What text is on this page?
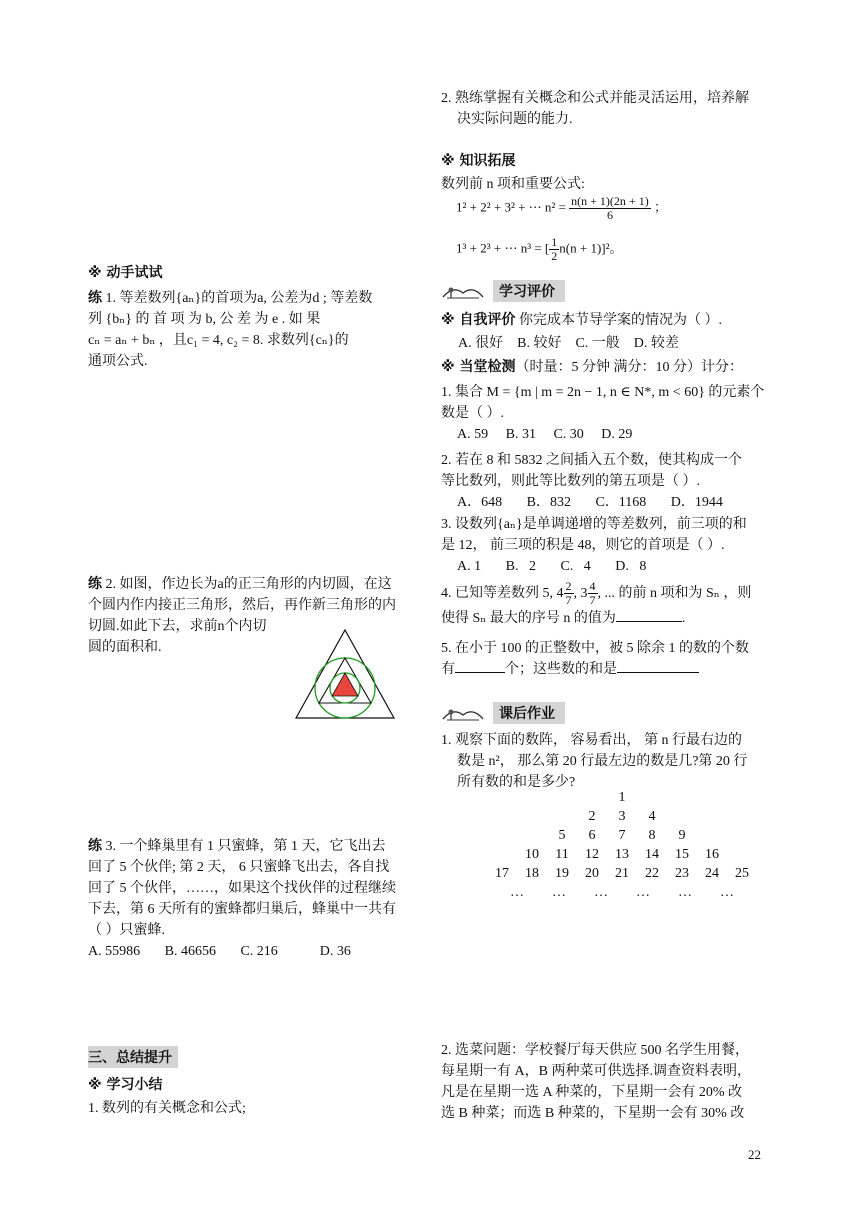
※ 动手试试
练 1. 等差数列{aₙ}的首项为a, 公差为d ; 等差数
列 {bₙ} 的 首 项 为 b, 公 差 为 e . 如 果
cₙ = aₙ + bₙ ，且c₁ = 4, c₂ = 8. 求数列{cₙ}的
通项公式.
练 2. 如图，作边长为a的正三角形的内切圆，在这
个圆内作内接正三角形，然后，再作新三角形的内
切圆.如此下去，求前n个内切
圆的面积和.
练 3. 一个蜂巢里有 1 只蜜蜂，第 1 天，它飞出去
回了 5 个伙伴; 第 2 天， 6 只蜜蜂飞出去，各自找
回了 5 个伙伴，……，如果这个找伙伴的过程继续
下去，第 6 天所有的蜜蜂都归巢后，蜂巢中一共有
（ ）只蜜蜂.
A. 55986       B. 46656       C. 216            D. 36
三、总结提升
※ 学习小结
1. 数列的有关概念和公式;
2. 熟练掌握有关概念和公式并能灵活运用，培养解
决实际问题的能力.
※ 知识拓展
数列前 n 项和重要公式:
1² + 2² + 3² + ⋯ $n^2 = \frac{n(n + 1)(2n + 1)}{6}$ ；
1³ + 2³ + ⋯ n³ = [ $\frac{1}{2} n(n + 1)]^2$。
学习评价
※ 自我评价 你完成本节导学案的情况为（ ）.
A. 很好    B. 较好    C. 一般    D. 较差
※ 当堂检测（时量：5 分钟 满分：10 分）计分：
1. 集合 M = {m | m = 2n − 1, n ∈ N*, m < 60} 的元素个
数是（ ）.
A. 59     B. 31     C. 30     D. 29
2. 若在 8 和 5832 之间插入五个数，使其构成一个
等比数列，则此等比数列的第五项是（ ）.
A．648       B．832       C．1168       D．1944
3. 设数列{aₙ}是单调递增的等差数列，前三项的和
是 12， 前三项的积是 48，则它的首项是（ ）.
A. 1       B.   2       C.   4       D.   8
4. 已知等差数列 5, $4 \frac{2}{7}$ , $3 \frac{4}{7}$ , ... 的前 n 项和为 Sₙ ，则
使得 Sₙ 最大的序号 n 的值为	.
5. 在小于 100 的正整数中，被 5 除余 1 的数的个数
有	个；这些数的和是
课后作业
1. 观察下面的数阵， 容易看出， 第 n 行最右边的
数是 n²， 那么第 20 行最左边的数是几?第 20 行
所有数的和是多少?
1
2	3	4
5	6	7	8	9
10	11	12	13	14	15	16
17	18	19	20	21	22	23	24	25
…	…	…	…	…	…
2. 选菜问题：学校餐厅每天供应 500 名学生用餐，
每星期一有 A，B 两种菜可供选择.调查资料表明，
凡是在星期一选 A 种菜的，下星期一会有 20% 改
选 B 种菜；而选 B 种菜的，下星期一会有 30% 改
22
